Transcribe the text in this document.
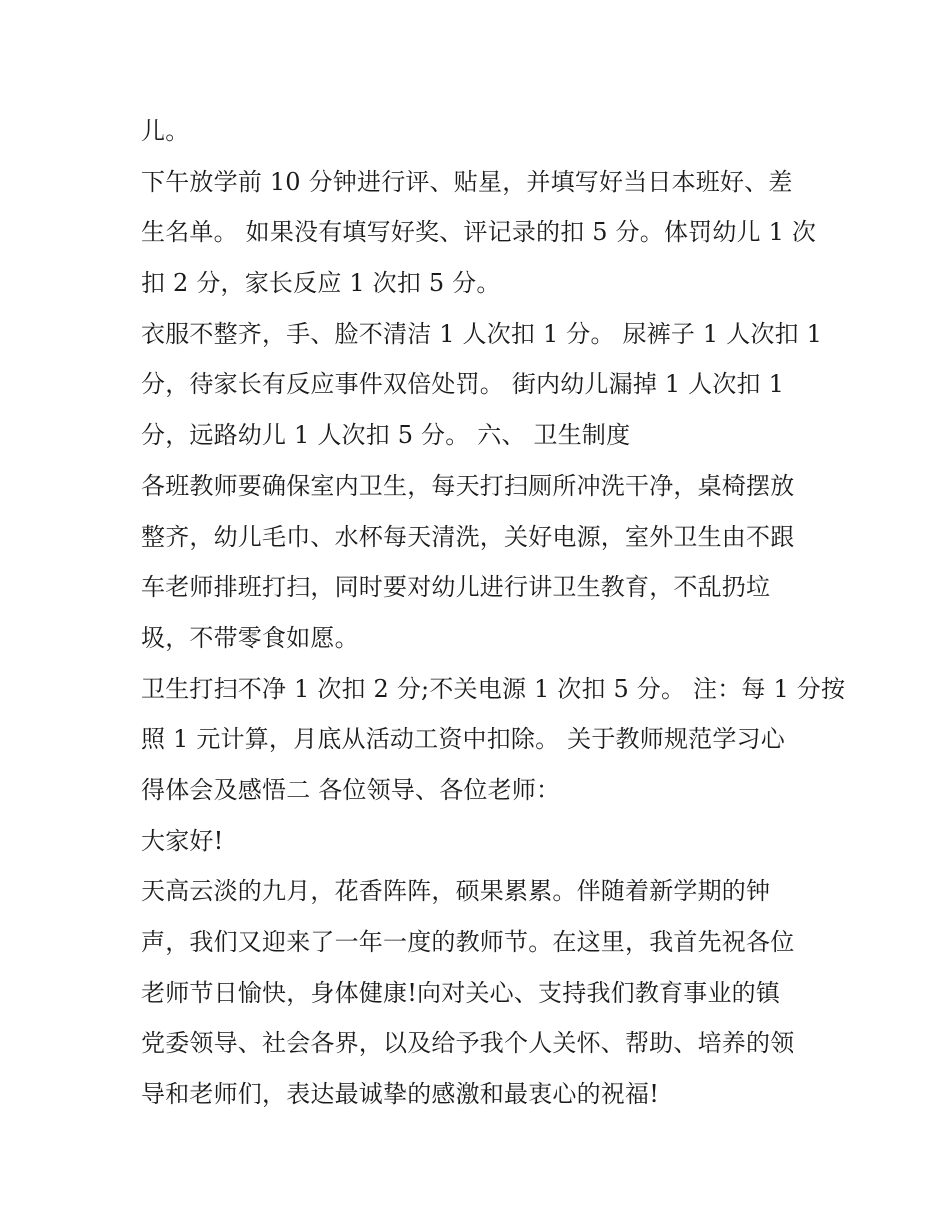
儿。
下午放学前 10 分钟进行评、贴星，并填写好当日本班好、差
生名单。 如果没有填写好奖、评记录的扣 5 分。体罚幼儿 1 次
扣 2 分，家长反应 1 次扣 5 分。
衣服不整齐，手、脸不清洁 1 人次扣 1 分。 尿裤子 1 人次扣 1
分，待家长有反应事件双倍处罚。 街内幼儿漏掉 1 人次扣 1
分，远路幼儿 1 人次扣 5 分。 六、 卫生制度
各班教师要确保室内卫生，每天打扫厕所冲洗干净，桌椅摆放
整齐，幼儿毛巾、水杯每天清洗，关好电源，室外卫生由不跟
车老师排班打扫，同时要对幼儿进行讲卫生教育，不乱扔垃
圾，不带零食如愿。
卫生打扫不净 1 次扣 2 分;不关电源 1 次扣 5 分。 注：每 1 分按
照 1 元计算，月底从活动工资中扣除。 关于教师规范学习心
得体会及感悟二 各位领导、各位老师：
大家好!
天高云淡的九月，花香阵阵，硕果累累。伴随着新学期的钟
声，我们又迎来了一年一度的教师节。在这里，我首先祝各位
老师节日愉快，身体健康!向对关心、支持我们教育事业的镇
党委领导、社会各界，以及给予我个人关怀、帮助、培养的领
导和老师们，表达最诚挚的感激和最衷心的祝福!
